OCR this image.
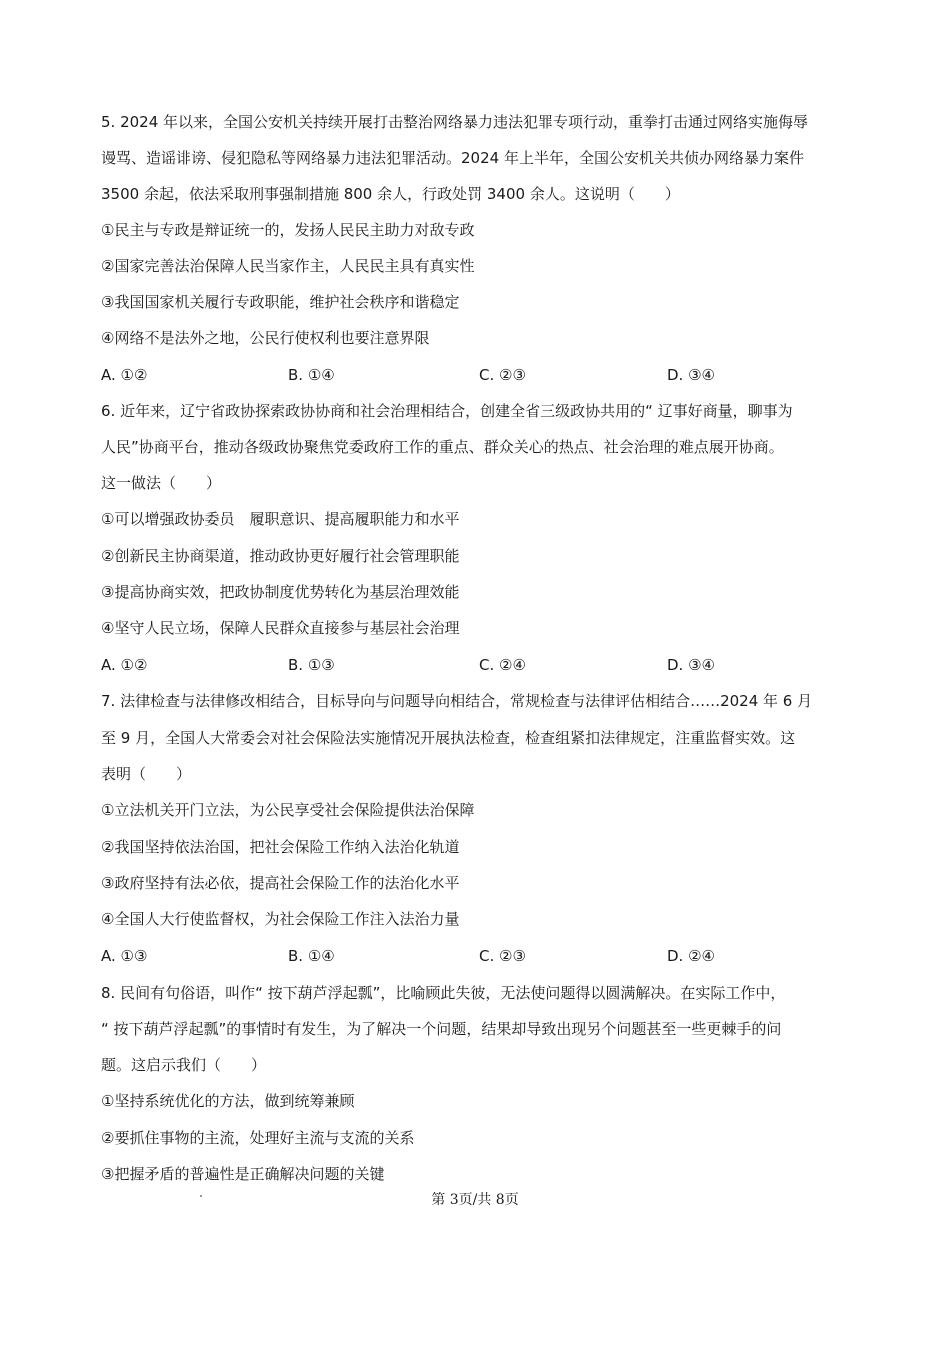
5. 2024 年以来，全国公安机关持续开展打击整治网络暴力违法犯罪专项行动，重拳打击通过网络实施侮辱
谩骂、造谣诽谤、侵犯隐私等网络暴力违法犯罪活动。2024 年上半年，全国公安机关共侦办网络暴力案件
3500 余起，依法采取刑事强制措施 800 余人，行政处罚 3400 余人。这说明（　　）
①民主与专政是辩证统一的，发扬人民民主助力对敌专政
②国家完善法治保障人民当家作主，人民民主具有真实性
③我国国家机关履行专政职能，维护社会秩序和谐稳定
④网络不是法外之地，公民行使权利也要注意界限
A. ①②	B. ①④	C. ②③	D. ③④
6. 近年来，辽宁省政协探索政协协商和社会治理相结合，创建全省三级政协共用的“ 辽事好商量，聊事为
人民”协商平台，推动各级政协聚焦党委政府工作的重点、群众关心的热点、社会治理的难点展开协商。
这一做法（　　）
①可以增强政协委员　履职意识、提高履职能力和水平
②创新民主协商渠道，推动政协更好履行社会管理职能
③提高协商实效，把政协制度优势转化为基层治理效能
④坚守人民立场，保障人民群众直接参与基层社会治理
A. ①②	B. ①③	C. ②④	D. ③④
7. 法律检查与法律修改相结合，目标导向与问题导向相结合，常规检查与法律评估相结合……2024 年 6 月
至 9 月，全国人大常委会对社会保险法实施情况开展执法检查，检查组紧扣法律规定，注重监督实效。这
表明（　　）
①立法机关开门立法，为公民享受社会保险提供法治保障
②我国坚持依法治国，把社会保险工作纳入法治化轨道
③政府坚持有法必依，提高社会保险工作的法治化水平
④全国人大行使监督权，为社会保险工作注入法治力量
A. ①③	B. ①④	C. ②③	D. ②④
8. 民间有句俗语，叫作“ 按下葫芦浮起瓢”，比喻顾此失彼，无法使问题得以圆满解决。在实际工作中，
“ 按下葫芦浮起瓢”的事情时有发生，为了解决一个问题，结果却导致出现另个问题甚至一些更棘手的问
题。这启示我们（　　）
①坚持系统优化的方法，做到统筹兼顾
②要抓住事物的主流，处理好主流与支流的关系
③把握矛盾的普遍性是正确解决问题的关键
第 3页/共 8页
